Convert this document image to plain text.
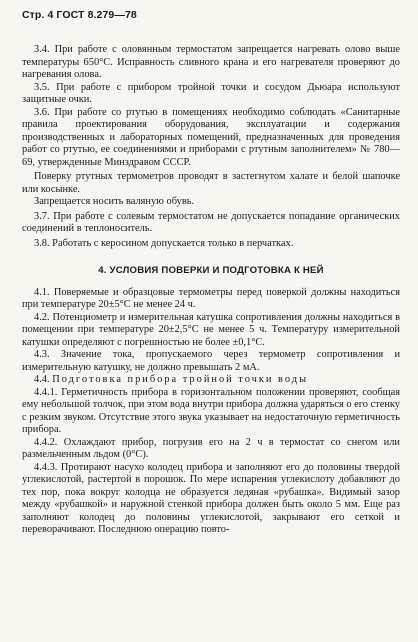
Стр. 4 ГОСТ 8.279—78

3.4. При работе с оловянным термостатом запрещается нагревать олово выше температуры 650°С. Исправность сливного крана и его нагревателя проверяют до нагревания олова.

3.5. При работе с прибором тройной точки и сосудом Дьюара используют защитные очки.

3.6. При работе со ртутью в помещениях необходимо соблюдать «Санитарные правила проектирования оборудования, эксплуатации и содержания производственных и лабораторных помещений, предназначенных для проведения работ со ртутью, ее соединениями и приборами с ртутным заполнителем» № 780—69, утвержденные Минздравом СССР.

Поверку ртутных термометров проводят в застегнутом халате и белой шапочке или косынке.

Запрещается носить валяную обувь.

3.7. При работе с солевым термостатом не допускается попадание органических соединений в теплоноситель.

3.8. Работать с керосином допускается только в перчатках.

4. УСЛОВИЯ ПОВЕРКИ И ПОДГОТОВКА К НЕЙ

4.1. Поверяемые и образцовые термометры перед поверкой должны находиться при температуре 20±5°С не менее 24 ч.

4.2. Потенциометр и измерительная катушка сопротивления должны находиться в помещении при температуре 20±2,5°С не менее 5 ч. Температуру измерительной катушки определяют с погрешностью не более ±0,1°С.

4.3. Значение тока, пропускаемого через термометр сопротивления и измерительную катушку, не должно превышать 2 мА.

4.4. Подготовка прибора тройной точки воды

4.4.1. Герметичность прибора в горизонтальном положении проверяют, сообщая ему небольшой толчок, при этом вода внутри прибора должна ударяться о его стенку с резким звуком. Отсутствие этого звука указывает на недостаточную герметичность прибора.

4.4.2. Охлаждают прибор, погрузив его на 2 ч в термостат со снегом или размельченным льдом (0°С).

4.4.3. Протирают насухо колодец прибора и заполняют его до половины твердой углекислотой, растертой в порошок. По мере испарения углекислоту добавляют до тех пор, пока вокруг колодца не образуется ледяная «рубашка». Видимый зазор между «рубашкой» и наружной стенкой прибора должен быть около 5 мм. Еще раз заполняют колодец до половины углекислотой, закрывают его сеткой и переворачивают. Последнюю операцию повто-
